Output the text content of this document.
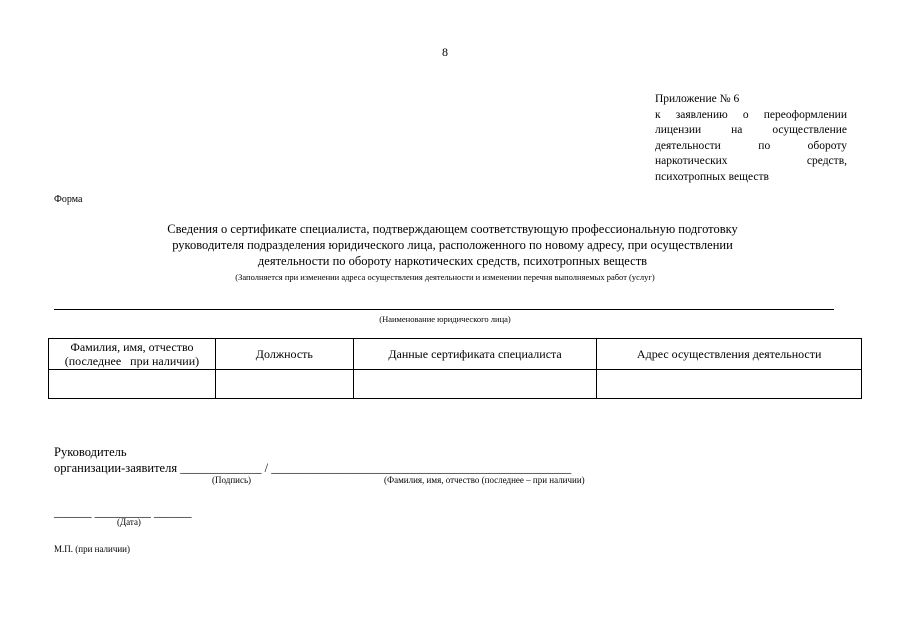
8
Приложение № 6
к заявлению о переоформлении
лицензии на осуществление
деятельности по обороту
наркотических средств,
психотропных веществ
Форма
Сведения о сертификате специалиста, подтверждающем соответствующую профессиональную подготовку
руководителя подразделения юридического лица, расположенного по новому адресу, при осуществлении
деятельности по обороту наркотических средств, психотропных веществ
(Заполняется при изменении адреса осуществления деятельности и изменении перечня выполняемых работ (услуг)
(Наименование юридического лица)
Фамилия, имя, отчество
(последнее   при наличии)	Должность	Данные сертификата специалиста	Адрес осуществления деятельности

Руководитель
организации-заявителя _____________ / ________________________________________________
(Подпись)	(Фамилия, имя, отчество (последнее – при наличии)
______ _________ ______
(Дата)
М.П. (при наличии)
